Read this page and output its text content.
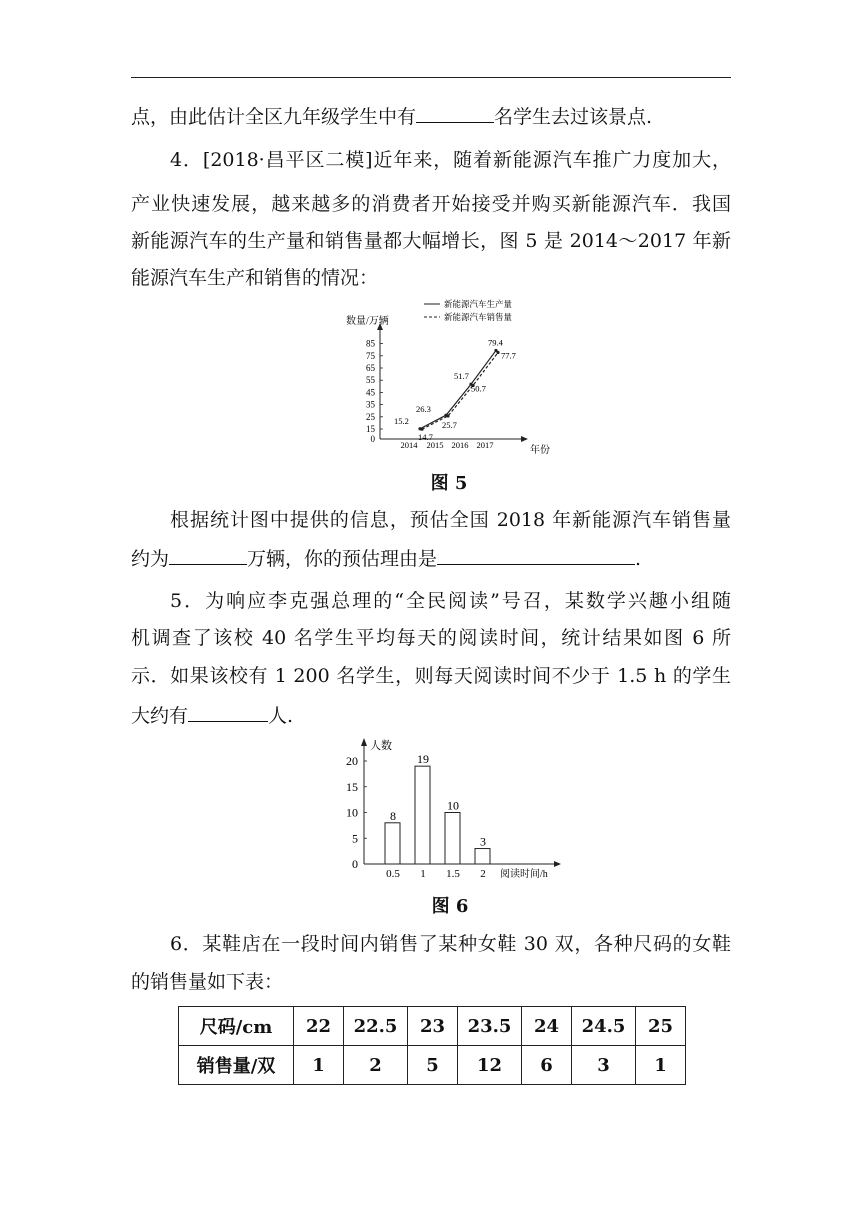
点，由此估计全区九年级学生中有	名学生去过该景点.
4．[2018·昌平区二模]近年来，随着新能源汽车推广力度加大，
产业快速发展，越来越多的消费者开始接受并购买新能源汽车．我国
新能源汽车的生产量和销售量都大幅增长，图 5 是 2014～2017 年新
能源汽车生产和销售的情况：
数量/万辆
年份
0
15
25
35
45
55
65
75
85
2014 2015 2016 2017
新能源汽车生产量
新能源汽车销售量
15.2
26.3
51.7
79.4
14.7
25.7
50.7
77.7
图 5
根据统计图中提供的信息，预估全国 2018 年新能源汽车销售量
约为	万辆，你的预估理由是	.
5．为响应李克强总理的“全民阅读”号召，某数学兴趣小组随
机调查了该校 40 名学生平均每天的阅读时间，统计结果如图 6 所
示．如果该校有 1 200 名学生，则每天阅读时间不少于 1.5 h 的学生
大约有	人.
人数
阅读时间/h
0
5
10
15
20
0.5 1 1.5 2
8
19
10
3
图 6
6．某鞋店在一段时间内销售了某种女鞋 30 双，各种尺码的女鞋
的销售量如下表：
尺码/cm	22	22.5	23	23.5	24	24.5	25
销售量/双	1	2	5	12	6	3	1
